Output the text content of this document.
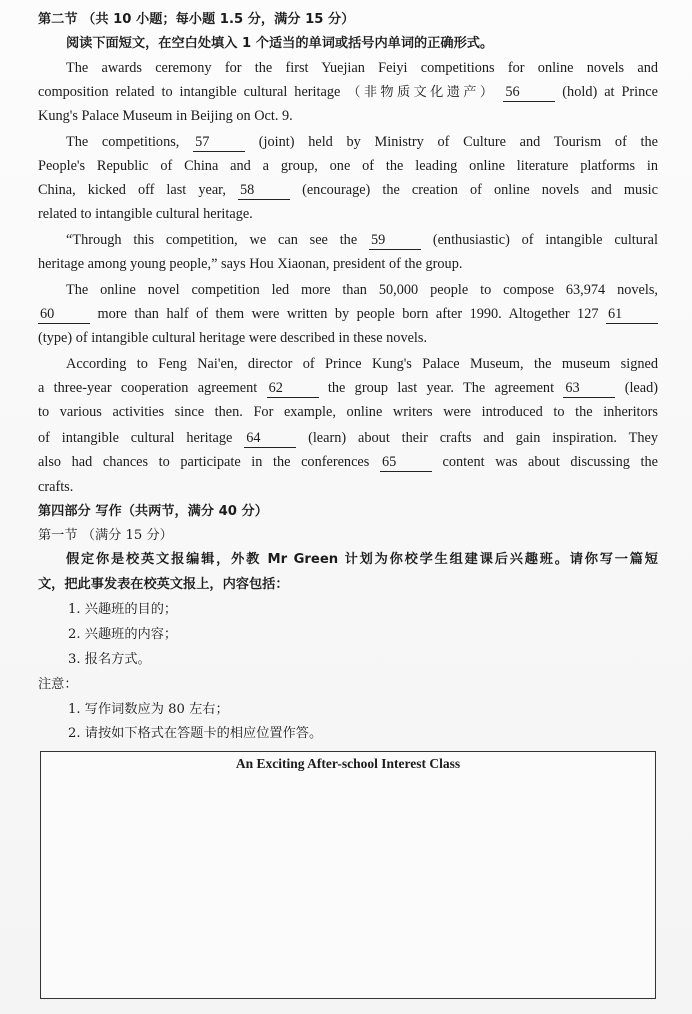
第二节 （共 10 小题；每小题 1.5 分，满分 15 分）
阅读下面短文，在空白处填入 1 个适当的单词或括号内单词的正确形式。
The awards ceremony for the first Yuejian Feiyi competitions for online novels and
composition related to intangible cultural heritage （非物质文化遗产） 56	(hold) at Prince
Kung's Palace Museum in Beijing on Oct. 9.
The competitions, 57	(joint) held by Ministry of Culture and Tourism of the
People's Republic of China and a group, one of the leading online literature platforms in
China, kicked off last year, 58	(encourage) the creation of online novels and music
related to intangible cultural heritage.
“Through this competition, we can see the 59	(enthusiastic) of intangible cultural
heritage among young people,” says Hou Xiaonan, president of the group.
The online novel competition led more than 50,000 people to compose 63,974 novels,
60	more than half of them were written by people born after 1990. Altogether 127 61
(type) of intangible cultural heritage were described in these novels.
According to Feng Nai'en, director of Prince Kung's Palace Museum, the museum signed
a three-year cooperation agreement 62	the group last year. The agreement 63	(lead)
to various activities since then. For example, online writers were introduced to the inheritors
of intangible cultural heritage 64	(learn) about their crafts and gain inspiration. They
also had chances to participate in the conferences 65	content was about discussing the
crafts.
第四部分 写作（共两节，满分 40 分）
第一节 （满分 15 分）
假定你是校英文报编辑，外教 Mr Green 计划为你校学生组建课后兴趣班。请你写一篇短
文，把此事发表在校英文报上，内容包括：
1. 兴趣班的目的；
2. 兴趣班的内容；
3. 报名方式。
注意：
1. 写作词数应为 80 左右；
2. 请按如下格式在答题卡的相应位置作答。
An Exciting After-school Interest Class
